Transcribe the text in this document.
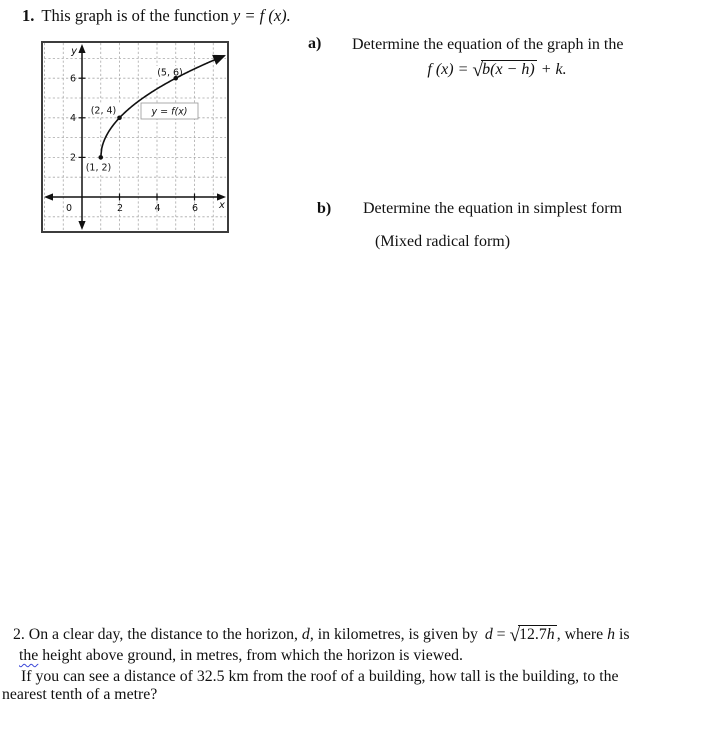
1. This graph is of the function y = f (x).
y
x
0	2	4	6
2
4
6
(1, 2)
(2, 4)
(5, 6)
y = f(x)
a) Determine the equation of the graph in the
f (x) = √b(x − h) + k.
b) Determine the equation in simplest form
(Mixed radical form)
2. On a clear day, the distance to the horizon, d, in kilometres, is given by d = √12.7h , where h is
the height above ground, in metres, from which the horizon is viewed.
If you can see a distance of 32.5 km from the roof of a building, how tall is the building, to the
nearest tenth of a metre?
